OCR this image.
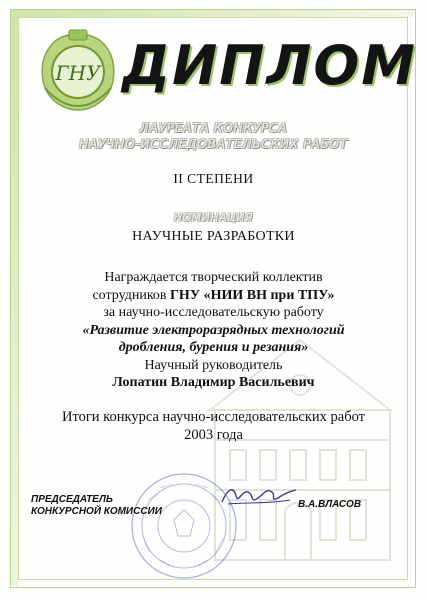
ГНУ ДИПЛОМ
ЛАУРЕАТА КОНКУРСА
НАУЧНО-ИССЛЕДОВАТЕЛЬСКИХ РАБОТ
II СТЕПЕНИ
НОМИНАЦИЯ
НАУЧНЫЕ РАЗРАБОТКИ
Награждается творческий коллектив
сотрудников ГНУ «НИИ ВН при ТПУ»
за научно-исследовательскую работу
«Развитие электроразрядных технологий
дробления, бурения и резания»
Научный руководитель
Лопатин Владимир Васильевич
Итоги конкурса научно-исследовательских работ
2003 года
ПРЕДСЕДАТЕЛЬ
КОНКУРСНОЙ КОМИССИИ
В.А.ВЛАСОВ
